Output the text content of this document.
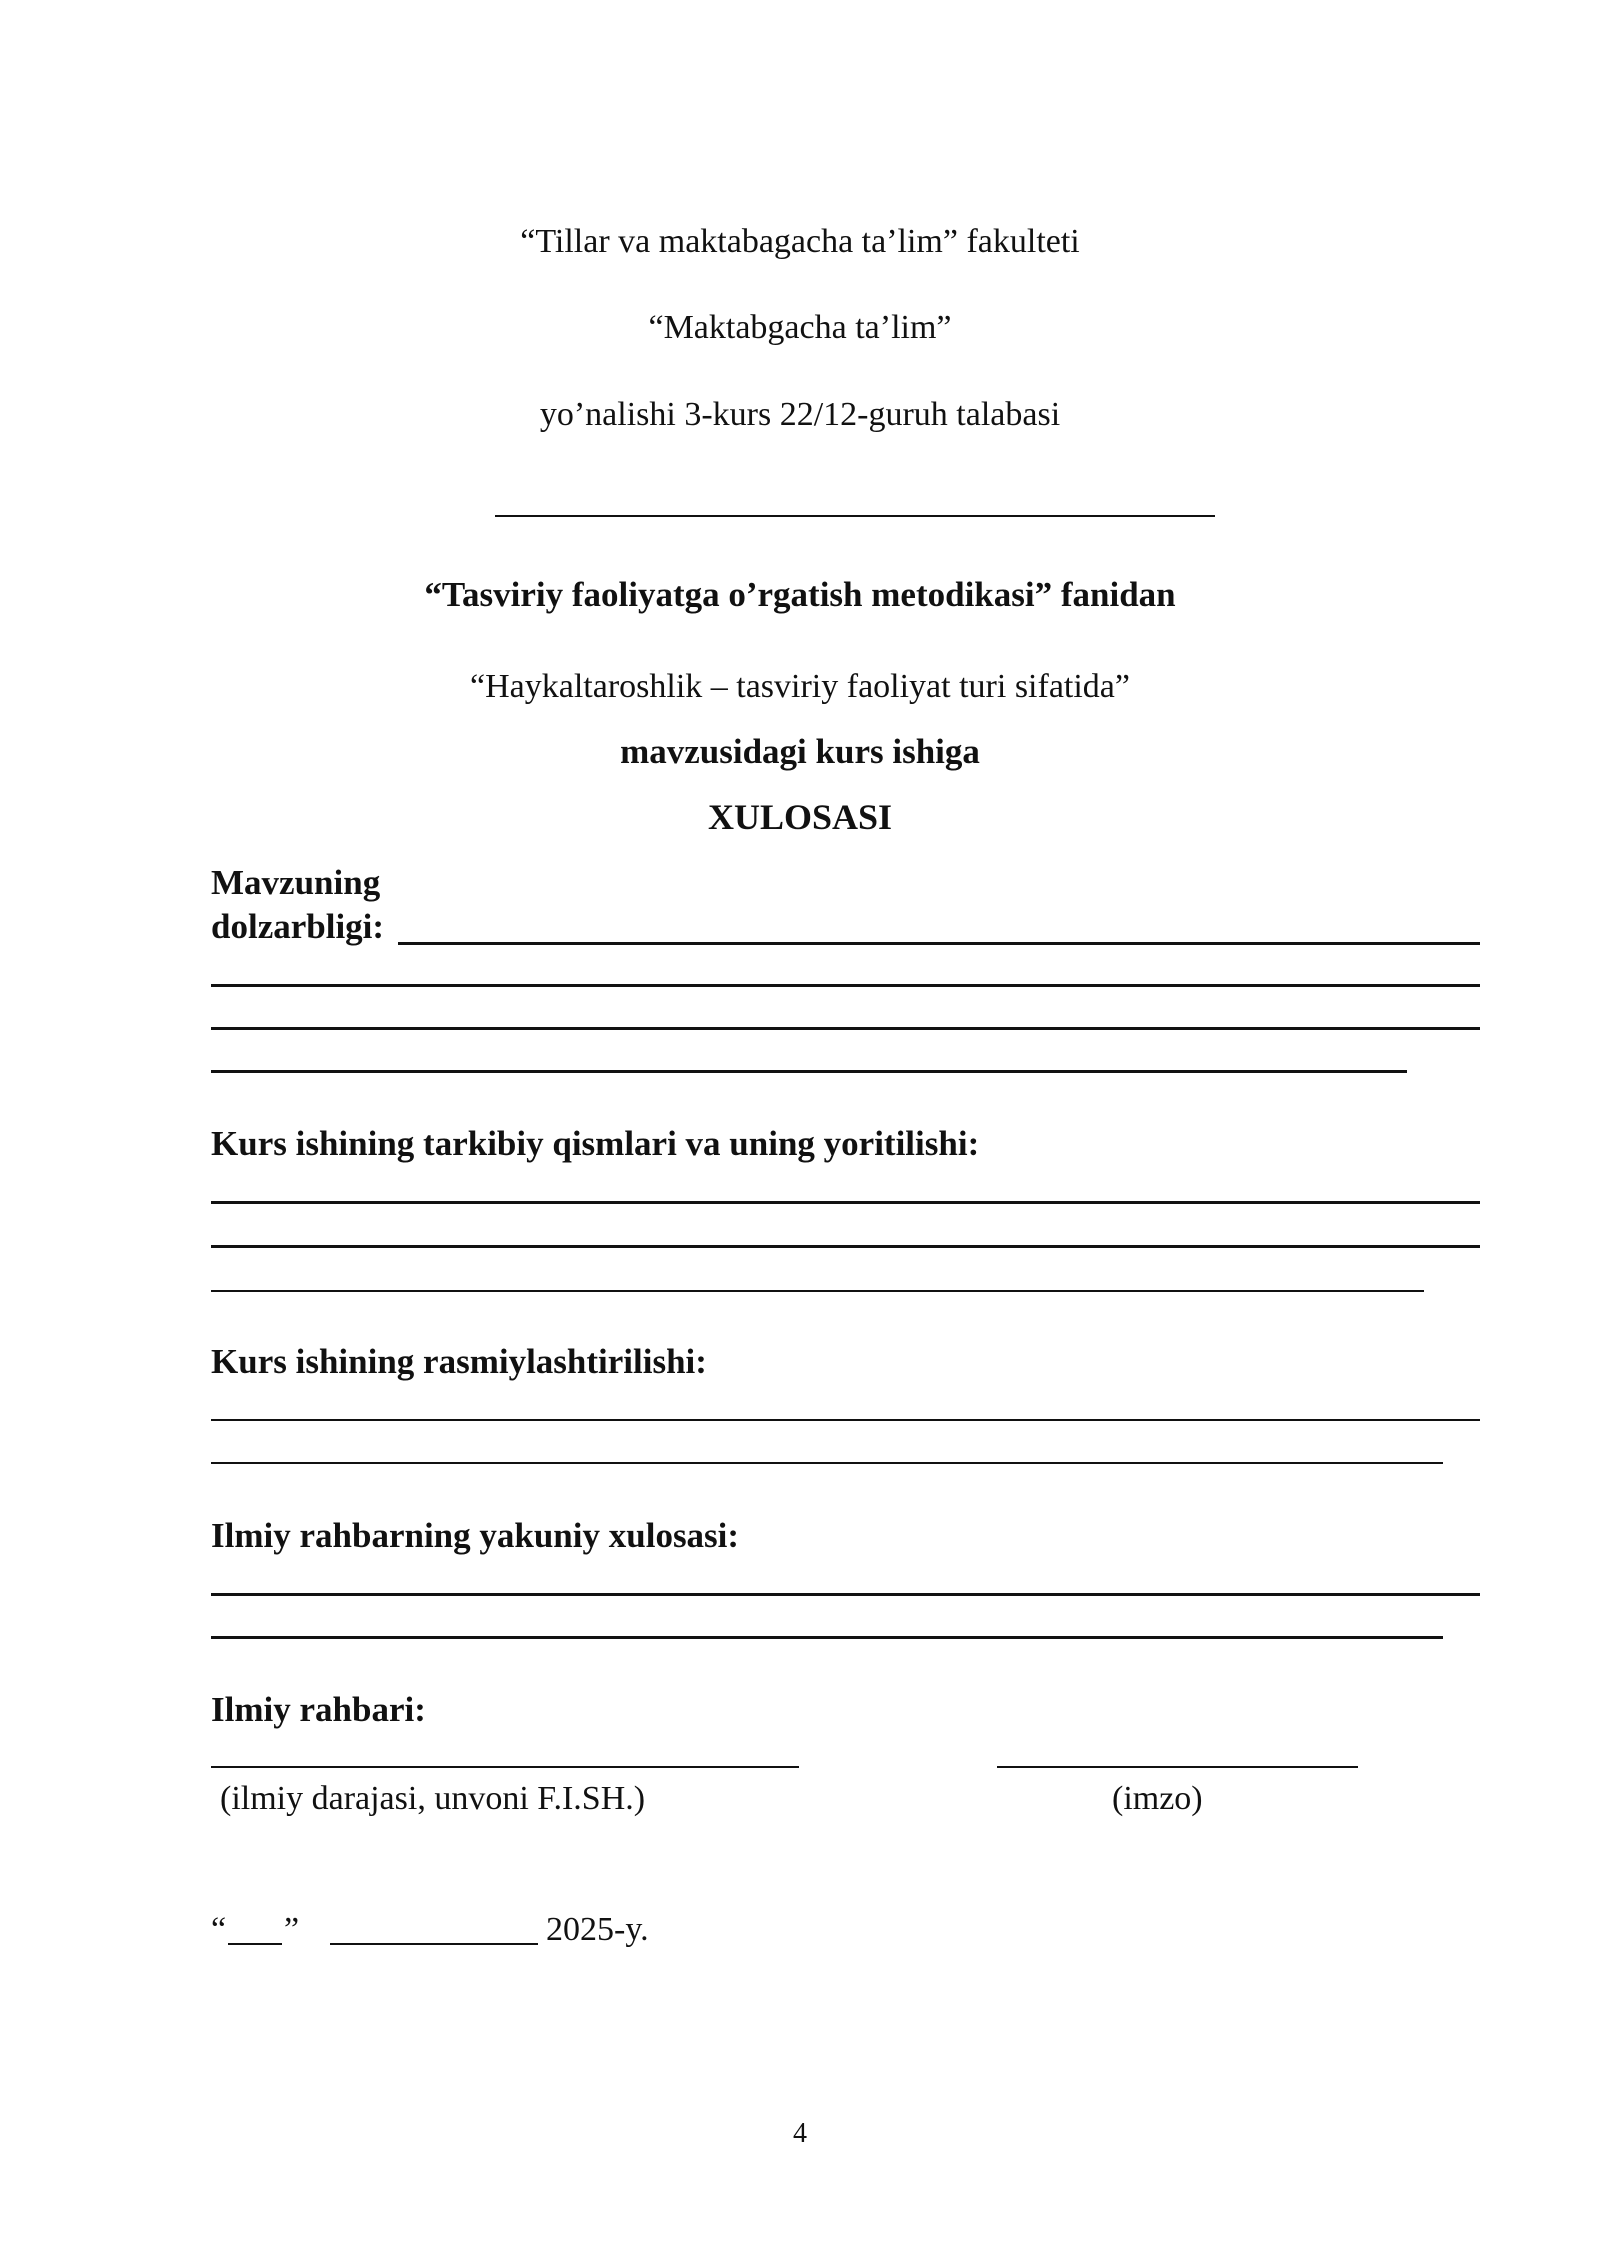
“Tillar va maktabagacha ta’lim” fakulteti
“Maktabgacha ta’lim”
yo’nalishi 3-kurs 22/12-guruh talabasi
“Tasviriy faoliyatga o’rgatish metodikasi” fanidan
“Haykaltaroshlik – tasviriy faoliyat turi sifatida”
mavzusidagi kurs ishiga
XULOSASI
Mavzuning
dolzarbligi:
Kurs ishining tarkibiy qismlari va uning yoritilishi:
Kurs ishining rasmiylashtirilishi:
Ilmiy rahbarning yakuniy xulosasi:
Ilmiy rahbari:
(ilmiy darajasi, unvoni F.I.SH.)	(imzo)
“ ”	2025-y.
4
